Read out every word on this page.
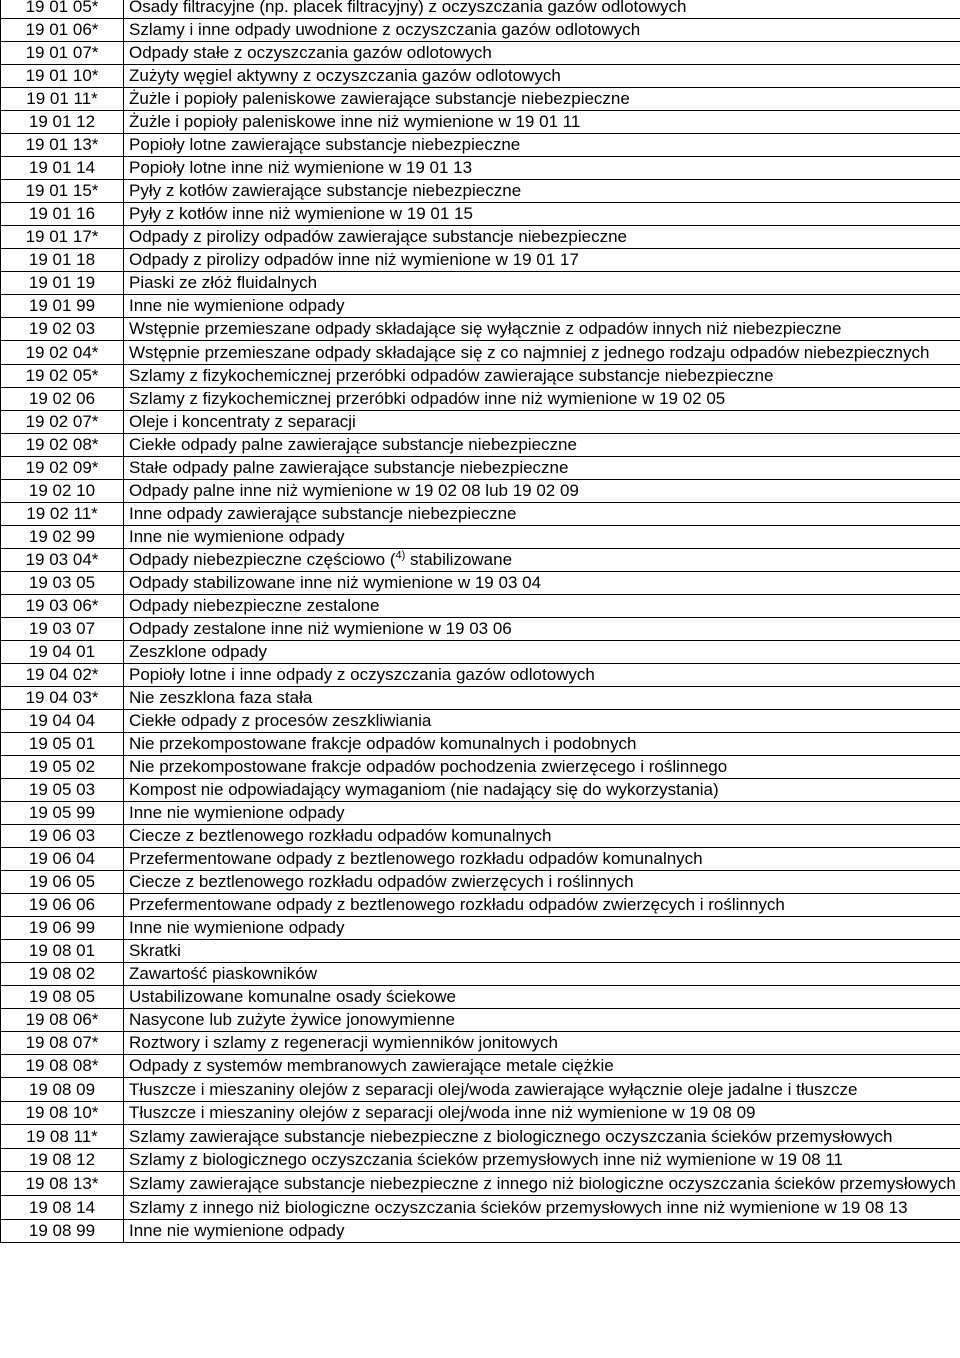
19 01 05*	Osady filtracyjne (np. placek filtracyjny) z oczyszczania gazów odlotowych
19 01 06*	Szlamy i inne odpady uwodnione z oczyszczania gazów odlotowych
19 01 07*	Odpady stałe z oczyszczania gazów odlotowych
19 01 10*	Zużyty węgiel aktywny z oczyszczania gazów odlotowych
19 01 11*	Żużle i popioły paleniskowe zawierające substancje niebezpieczne
19 01 12	Żużle i popioły paleniskowe inne niż wymienione w 19 01 11
19 01 13*	Popioły lotne zawierające substancje niebezpieczne
19 01 14	Popioły lotne inne niż wymienione w 19 01 13
19 01 15*	Pyły z kotłów zawierające substancje niebezpieczne
19 01 16	Pyły z kotłów inne niż wymienione w 19 01 15
19 01 17*	Odpady z pirolizy odpadów zawierające substancje niebezpieczne
19 01 18	Odpady z pirolizy odpadów inne niż wymienione w 19 01 17
19 01 19	Piaski ze złóż fluidalnych
19 01 99	Inne nie wymienione odpady
19 02 03	Wstępnie przemieszane odpady składające się wyłącznie z odpadów innych niż niebezpieczne
19 02 04*	Wstępnie przemieszane odpady składające się z co najmniej z jednego rodzaju odpadów niebezpiecznych
19 02 05*	Szlamy z fizykochemicznej przeróbki odpadów zawierające substancje niebezpieczne
19 02 06	Szlamy z fizykochemicznej przeróbki odpadów inne niż wymienione w 19 02 05
19 02 07*	Oleje i koncentraty z separacji
19 02 08*	Ciekłe odpady palne zawierające substancje niebezpieczne
19 02 09*	Stałe odpady palne zawierające substancje niebezpieczne
19 02 10	Odpady palne inne niż wymienione w 19 02 08 lub 19 02 09
19 02 11*	Inne odpady zawierające substancje niebezpieczne
19 02 99	Inne nie wymienione odpady
19 03 04*	Odpady niebezpieczne częściowo ($^{4)}$ stabilizowane
19 03 05	Odpady stabilizowane inne niż wymienione w 19 03 04
19 03 06*	Odpady niebezpieczne zestalone
19 03 07	Odpady zestalone inne niż wymienione w 19 03 06
19 04 01	Zeszklone odpady
19 04 02*	Popioły lotne i inne odpady z oczyszczania gazów odlotowych
19 04 03*	Nie zeszklona faza stała
19 04 04	Ciekłe odpady z procesów zeszkliwiania
19 05 01	Nie przekompostowane frakcje odpadów komunalnych i podobnych
19 05 02	Nie przekompostowane frakcje odpadów pochodzenia zwierzęcego i roślinnego
19 05 03	Kompost nie odpowiadający wymaganiom (nie nadający się do wykorzystania)
19 05 99	Inne nie wymienione odpady
19 06 03	Ciecze z beztlenowego rozkładu odpadów komunalnych
19 06 04	Przefermentowane odpady z beztlenowego rozkładu odpadów komunalnych
19 06 05	Ciecze z beztlenowego rozkładu odpadów zwierzęcych i roślinnych
19 06 06	Przefermentowane odpady z beztlenowego rozkładu odpadów zwierzęcych i roślinnych
19 06 99	Inne nie wymienione odpady
19 08 01	Skratki
19 08 02	Zawartość piaskowników
19 08 05	Ustabilizowane komunalne osady ściekowe
19 08 06*	Nasycone lub zużyte żywice jonowymienne
19 08 07*	Roztwory i szlamy z regeneracji wymienników jonitowych
19 08 08*	Odpady z systemów membranowych zawierające metale ciężkie
19 08 09	Tłuszcze i mieszaniny olejów z separacji olej/woda zawierające wyłącznie oleje jadalne i tłuszcze
19 08 10*	Tłuszcze i mieszaniny olejów z separacji olej/woda inne niż wymienione w 19 08 09
19 08 11*	Szlamy zawierające substancje niebezpieczne z biologicznego oczyszczania ścieków przemysłowych
19 08 12	Szlamy z biologicznego oczyszczania ścieków przemysłowych inne niż wymienione w 19 08 11
19 08 13*	Szlamy zawierające substancje niebezpieczne z innego niż biologiczne oczyszczania ścieków przemysłowych
19 08 14	Szlamy z innego niż biologiczne oczyszczania ścieków przemysłowych inne niż wymienione w 19 08 13
19 08 99	Inne nie wymienione odpady
